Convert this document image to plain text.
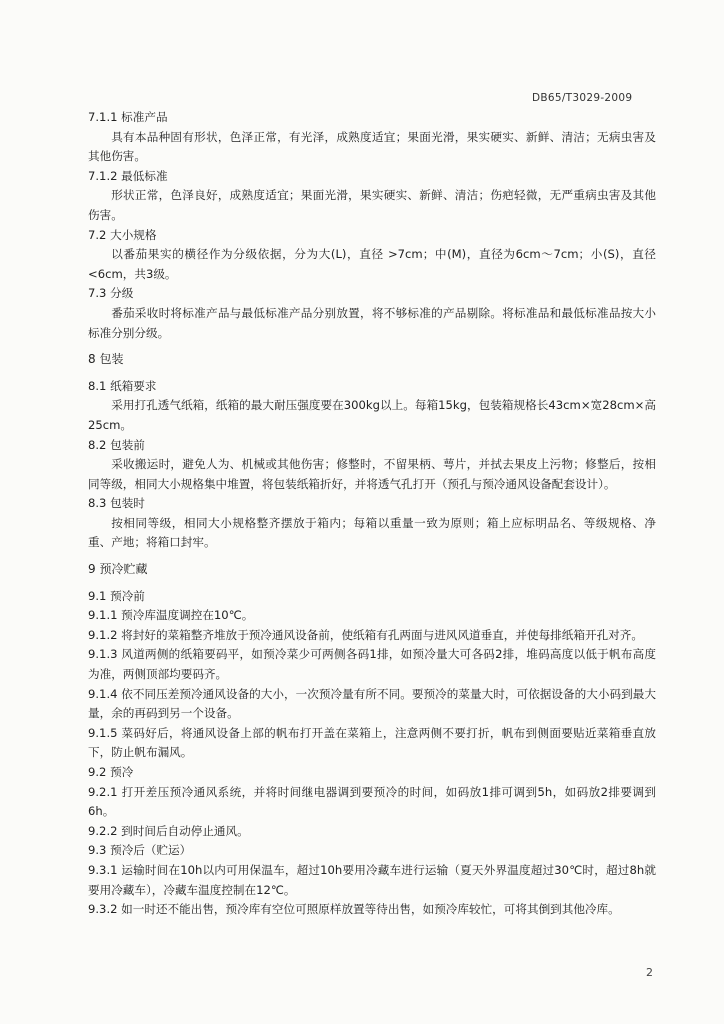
DB65/T3029-2009

7.1.1 标准产品

具有本品种固有形状，色泽正常，有光泽，成熟度适宜；果面光滑，果实硬实、新鲜、清洁；无病虫害及其他伤害。

7.1.2 最低标准

形状正常，色泽良好，成熟度适宜；果面光滑，果实硬实、新鲜、清洁；伤疤轻微，无严重病虫害及其他伤害。

7.2 大小规格

以番茄果实的横径作为分级依据，分为大(L)，直径 >7cm；中(M)，直径为6cm～7cm；小(S)，直径<6cm，共3级。

7.3 分级

番茄采收时将标准产品与最低标准产品分别放置，将不够标准的产品剔除。将标准品和最低标准品按大小标准分别分级。

8 包装

8.1 纸箱要求

采用打孔透气纸箱，纸箱的最大耐压强度要在300kg以上。每箱15kg，包装箱规格长43cm×宽28cm×高25cm。

8.2 包装前

采收搬运时，避免人为、机械或其他伤害；修整时，不留果柄、萼片，并拭去果皮上污物；修整后，按相同等级，相同大小规格集中堆置，将包装纸箱折好，并将透气孔打开（预孔与预冷通风设备配套设计）。

8.3 包装时

按相同等级，相同大小规格整齐摆放于箱内；每箱以重量一致为原则；箱上应标明品名、等级规格、净重、产地；将箱口封牢。

9 预冷贮藏

9.1 预冷前

9.1.1 预冷库温度调控在10℃。

9.1.2 将封好的菜箱整齐堆放于预冷通风设备前，使纸箱有孔两面与进风风道垂直，并使每排纸箱开孔对齐。

9.1.3 风道两侧的纸箱要码平，如预冷菜少可两侧各码1排，如预冷量大可各码2排，堆码高度以低于帆布高度为准，两侧顶部均要码齐。

9.1.4 依不同压差预冷通风设备的大小，一次预冷量有所不同。要预冷的菜量大时，可依据设备的大小码到最大量，余的再码到另一个设备。

9.1.5 菜码好后，将通风设备上部的帆布打开盖在菜箱上，注意两侧不要打折，帆布到侧面要贴近菜箱垂直放下，防止帆布漏风。

9.2 预冷

9.2.1 打开差压预冷通风系统，并将时间继电器调到要预冷的时间，如码放1排可调到5h，如码放2排要调到6h。

9.2.2 到时间后自动停止通风。

9.3 预冷后（贮运）

9.3.1 运输时间在10h以内可用保温车，超过10h要用冷藏车进行运输（夏天外界温度超过30℃时，超过8h就要用冷藏车），冷藏车温度控制在12℃。

9.3.2 如一时还不能出售，预冷库有空位可照原样放置等待出售，如预冷库较忙，可将其倒到其他冷库。

2
